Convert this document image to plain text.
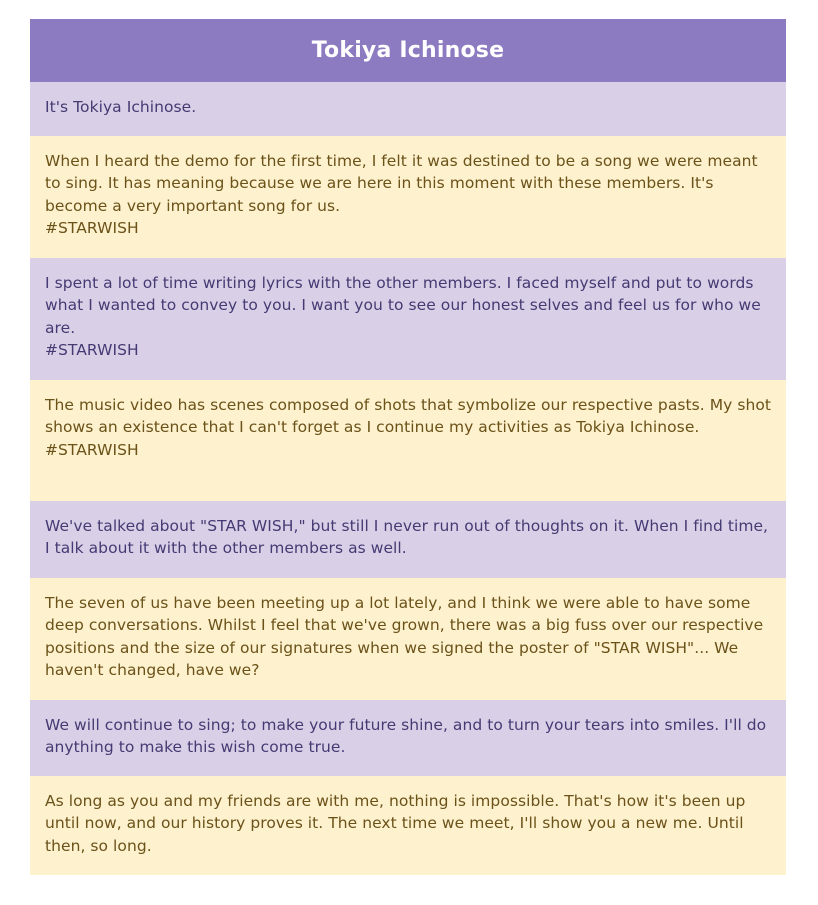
Tokiya Ichinose
It's Tokiya Ichinose.
When I heard the demo for the first time, I felt it was destined to be a song we were meant to sing. It has meaning because we are here in this moment with these members. It's become a very important song for us.
#STARWISH
I spent a lot of time writing lyrics with the other members. I faced myself and put to words what I wanted to convey to you. I want you to see our honest selves and feel us for who we are.
#STARWISH
The music video has scenes composed of shots that symbolize our respective pasts. My shot shows an existence that I can't forget as I continue my activities as Tokiya Ichinose.
#STARWISH
We've talked about "STAR WISH," but still I never run out of thoughts on it. When I find time, I talk about it with the other members as well.
The seven of us have been meeting up a lot lately, and I think we were able to have some deep conversations. Whilst I feel that we've grown, there was a big fuss over our respective positions and the size of our signatures when we signed the poster of "STAR WISH"... We haven't changed, have we?
We will continue to sing; to make your future shine, and to turn your tears into smiles. I'll do anything to make this wish come true.
As long as you and my friends are with me, nothing is impossible. That's how it's been up until now, and our history proves it. The next time we meet, I'll show you a new me. Until then, so long.
